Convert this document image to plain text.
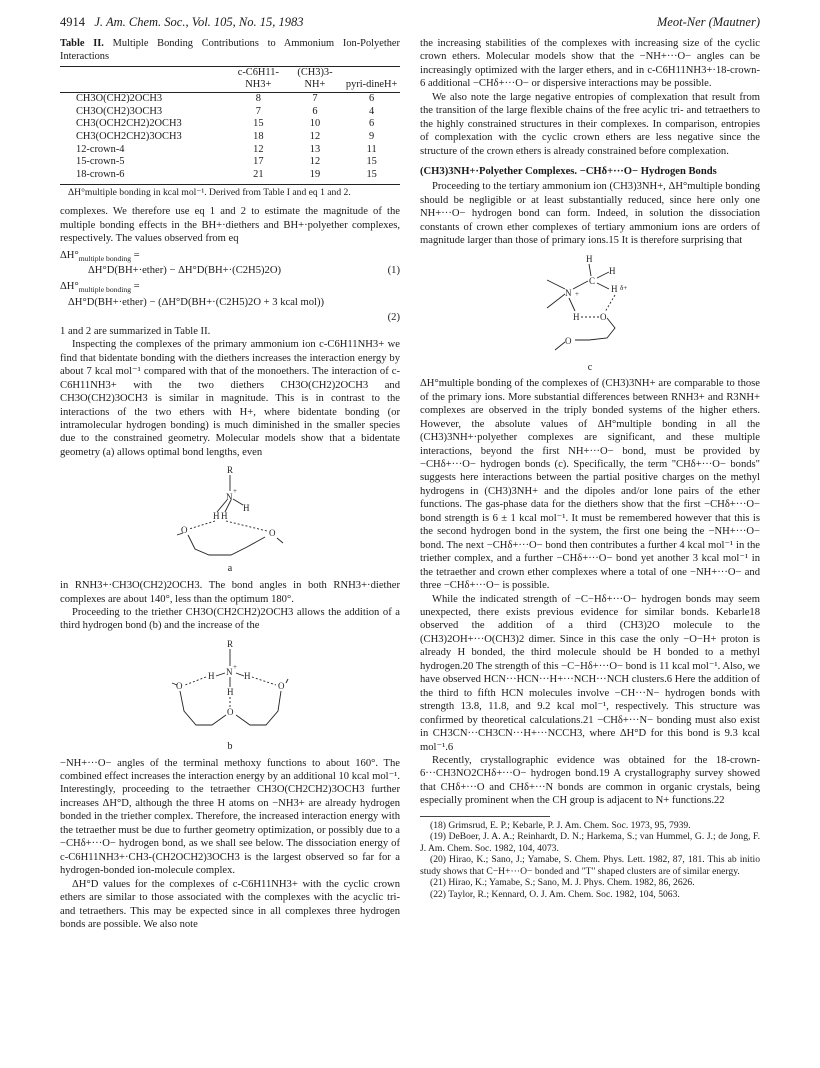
4914 J. Am. Chem. Soc., Vol. 105, No. 15, 1983	Meot-Ner (Mautner)
Table II. Multiple Bonding Contributions to Ammonium Ion-Polyether Interactions
	c-C6H11-NH3+	(CH3)3-NH+	pyri-dineH+
CH3O(CH2)2OCH3	8	7	6
CH3O(CH2)3OCH3	7	6	4
CH3(OCH2CH2)2OCH3	15	10	6
CH3(OCH2CH2)3OCH3	18	12	9
12-crown-4	12	13	11
15-crown-5	17	12	15
18-crown-6	21	19	15
ΔH°multiple bonding in kcal mol⁻¹. Derived from Table I and eq 1 and 2.

complexes. We therefore use eq 1 and 2 to estimate the magnitude of the multiple bonding effects in the BH+·diethers and BH+·polyether complexes, respectively. The values observed from eq

$\Delta H^\circ_{multiple bonding}$ =
ΔH°D(BH+·ether) − ΔH°D(BH+·(C2H5)2O)	(1)
$\Delta H^\circ_{multiple bonding}$ =
ΔH°D(BH+·ether) − (ΔH°D(BH+·(C2H5)2O + 3 kcal mol))
(2)

1 and 2 are summarized in Table II.

Inspecting the complexes of the primary ammonium ion c-C6H11NH3+ we find that bidentate bonding with the diethers increases the interaction energy by about 7 kcal mol⁻¹ compared with that of the monoethers. The interaction of c-C6H11NH3+ with the two diethers CH3O(CH2)2OCH3 and CH3O(CH2)3OCH3 is similar in magnitude. This is in contrast to the interactions of the two ethers with H+, where bidentate bonding (or intramolecular hydrogen bonding) is much diminished in the smaller species due to the constrained geometry. Molecular models show that a bidentate geometry (a) allows optimal bond lengths, even

R
N
+
H
H H
O	O
a

in RNH3+·CH3O(CH2)2OCH3. The bond angles in both RNH3+·diether complexes are about 140°, less than the optimum 180°.

Proceeding to the triether CH3O(CH2CH2)2OCH3 allows the addition of a third hydrogen bond (b) and the increase of the

R
N +
H	H
H
O	O
O
b

−NH+···O− angles of the terminal methoxy functions to about 160°. The combined effect increases the interaction energy by an additional 10 kcal mol⁻¹. Interestingly, proceeding to the tetraether CH3O(CH2CH2)3OCH3 further increases ΔH°D, although the three H atoms on −NH3+ are already hydrogen bonded in the triether complex. Therefore, the increased interaction energy with the tetraether must be due to further geometry optimization, or possibly due to a −CHδ+···O− hydrogen bond, as we shall see below. The dissociation energy of c-C6H11NH3+·CH3-(CH2OCH2)3OCH3 is the largest observed so far for a hydrogen-bonded ion-molecule complex.

ΔH°D values for the complexes of c-C6H11NH3+ with the cyclic crown ethers are similar to those associated with the complexes with the acyclic tri- and tetraethers. This may be expected since in all complexes three hydrogen bonds are possible. We also note

the increasing stabilities of the complexes with increasing size of the cyclic crown ethers. Molecular models show that the −NH+···O− angles can be increasingly optimized with the larger ethers, and in c-C6H11NH3+·18-crown-6 additional −CHδ+···O− or dispersive interactions may be possible.

We also note the large negative entropies of complexation that result from the transition of the large flexible chains of the free acylic tri- and tetraethers to the highly constrained structures in their complexes. In comparison, entropies of complexation with the cyclic crown ethers are less negative since the structure of the crown ethers is already constrained before complexation.

(CH3)3NH+·Polyether Complexes. −CHδ+···O− Hydrogen Bonds

Proceeding to the tertiary ammonium ion (CH3)3NH+, ΔH°multiple bonding should be negligible or at least substantially reduced, since here only one NH+···O− hydrogen bond can form. Indeed, in solution the dissociation constants of crown ether complexes of tertiary ammonium ions are orders of magnitude larger than those of primary ions.15 It is therefore surprising that

H
H
C
H δ+
N +
H O
O
c

ΔH°multiple bonding of the complexes of (CH3)3NH+ are comparable to those of the primary ions. More substantial differences between RNH3+ and R3NH+ complexes are observed in the triply bonded systems of the higher ethers. However, the absolute values of ΔH°multiple bonding in all the (CH3)3NH+·polyether complexes are significant, and these multiple interactions, beyond the first NH+···O− bond, must be provided by −CHδ+···O− hydrogen bonds (c). Specifically, the term "CHδ+···O− bonds" suggests here interactions between the partial positive charges on the methyl hydrogens in (CH3)3NH+ and the dipoles and/or lone pairs of the ether functions. The gas-phase data for the diethers show that the first −CHδ+···O− bond strength is 6 ± 1 kcal mol⁻¹. It must be remembered however that this is the second hydrogen bond in the system, the first one being the −NH+···O− bond. The next −CHδ+···O− bond then contributes a further 4 kcal mol⁻¹ in the triether complex, and a further −CHδ+···O− bond yet another 3 kcal mol⁻¹ in the tetraether and crown ether complexes where a total of one −NH+···O− and three −CHδ+···O− is possible.

While the indicated strength of −C−Hδ+···O− hydrogen bonds may seem unexpected, there exists previous evidence for similar bonds. Kebarle18 observed the addition of a third (CH3)2O molecule to the (CH3)2OH+···O(CH3)2 dimer. Since in this case the only −O−H+ proton is already H bonded, the third molecule should be H bonded to a methyl hydrogen.20 The strength of this −C−Hδ+···O− bond is 11 kcal mol⁻¹. Also, we have observed HCN···HCN···H+···NCH···NCH clusters.6 Here the addition of the third to fifth HCN molecules involve −CH···N− hydrogen bonds with strength 13.8, 11.8, and 9.2 kcal mol⁻¹, respectively. This structure was confirmed by theoretical calculations.21 −CHδ+···N− bonding must also exist in CH3CN···CH3CN···H+···NCCH3, where ΔH°D for this bond is 9.3 kcal mol⁻¹.6

Recently, crystallographic evidence was obtained for the 18-crown-6···CH3NO2CHδ+···O− hydrogen bond.19 A crystallography survey showed that CHδ+···O and CHδ+···N bonds are common in organic crystals, being especially prominent when the CH group is adjacent to N+ functions.22

(18) Grimsrud, E. P.; Kebarle, P. J. Am. Chem. Soc. 1973, 95, 7939.

(19) DeBoer, J. A. A.; Reinhardt, D. N.; Harkema, S.; van Hummel, G. J.; de Jong, F. J. Am. Chem. Soc. 1982, 104, 4073.

(20) Hirao, K.; Sano, J.; Yamabe, S. Chem. Phys. Lett. 1982, 87, 181. This ab initio study shows that C−H+···O− bonded and "T" shaped clusters are of similar energy.

(21) Hirao, K.; Yamabe, S.; Sano, M. J. Phys. Chem. 1982, 86, 2626.

(22) Taylor, R.; Kennard, O. J. Am. Chem. Soc. 1982, 104, 5063.
